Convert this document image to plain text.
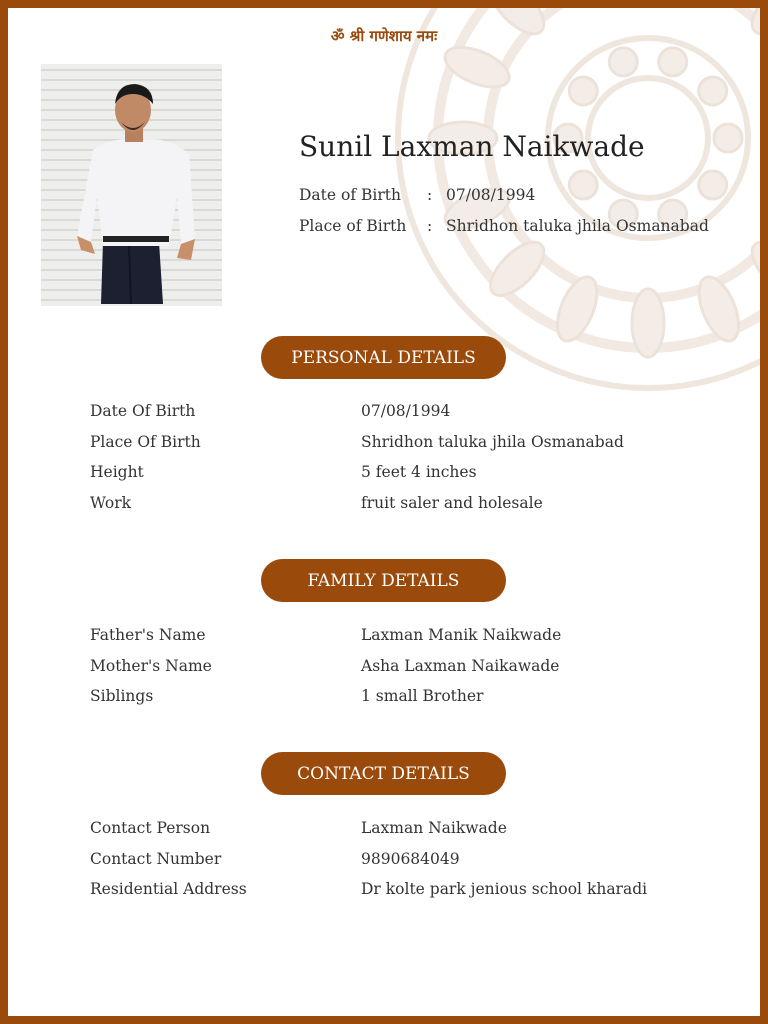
ॐ श्री गणेशाय नमः
Sunil Laxman Naikwade
Date of Birth : 07/08/1994
Place of Birth : Shridhon taluka jhila Osmanabad
PERSONAL DETAILS
Date Of Birth	07/08/1994
Place Of Birth	Shridhon taluka jhila Osmanabad
Height	5 feet 4 inches
Work	fruit saler and holesale
FAMILY DETAILS
Father's Name	Laxman Manik Naikwade
Mother's Name	Asha Laxman Naikawade
Siblings	1 small Brother
CONTACT DETAILS
Contact Person	Laxman Naikwade
Contact Number	9890684049
Residential Address	Dr kolte park jenious school kharadi
